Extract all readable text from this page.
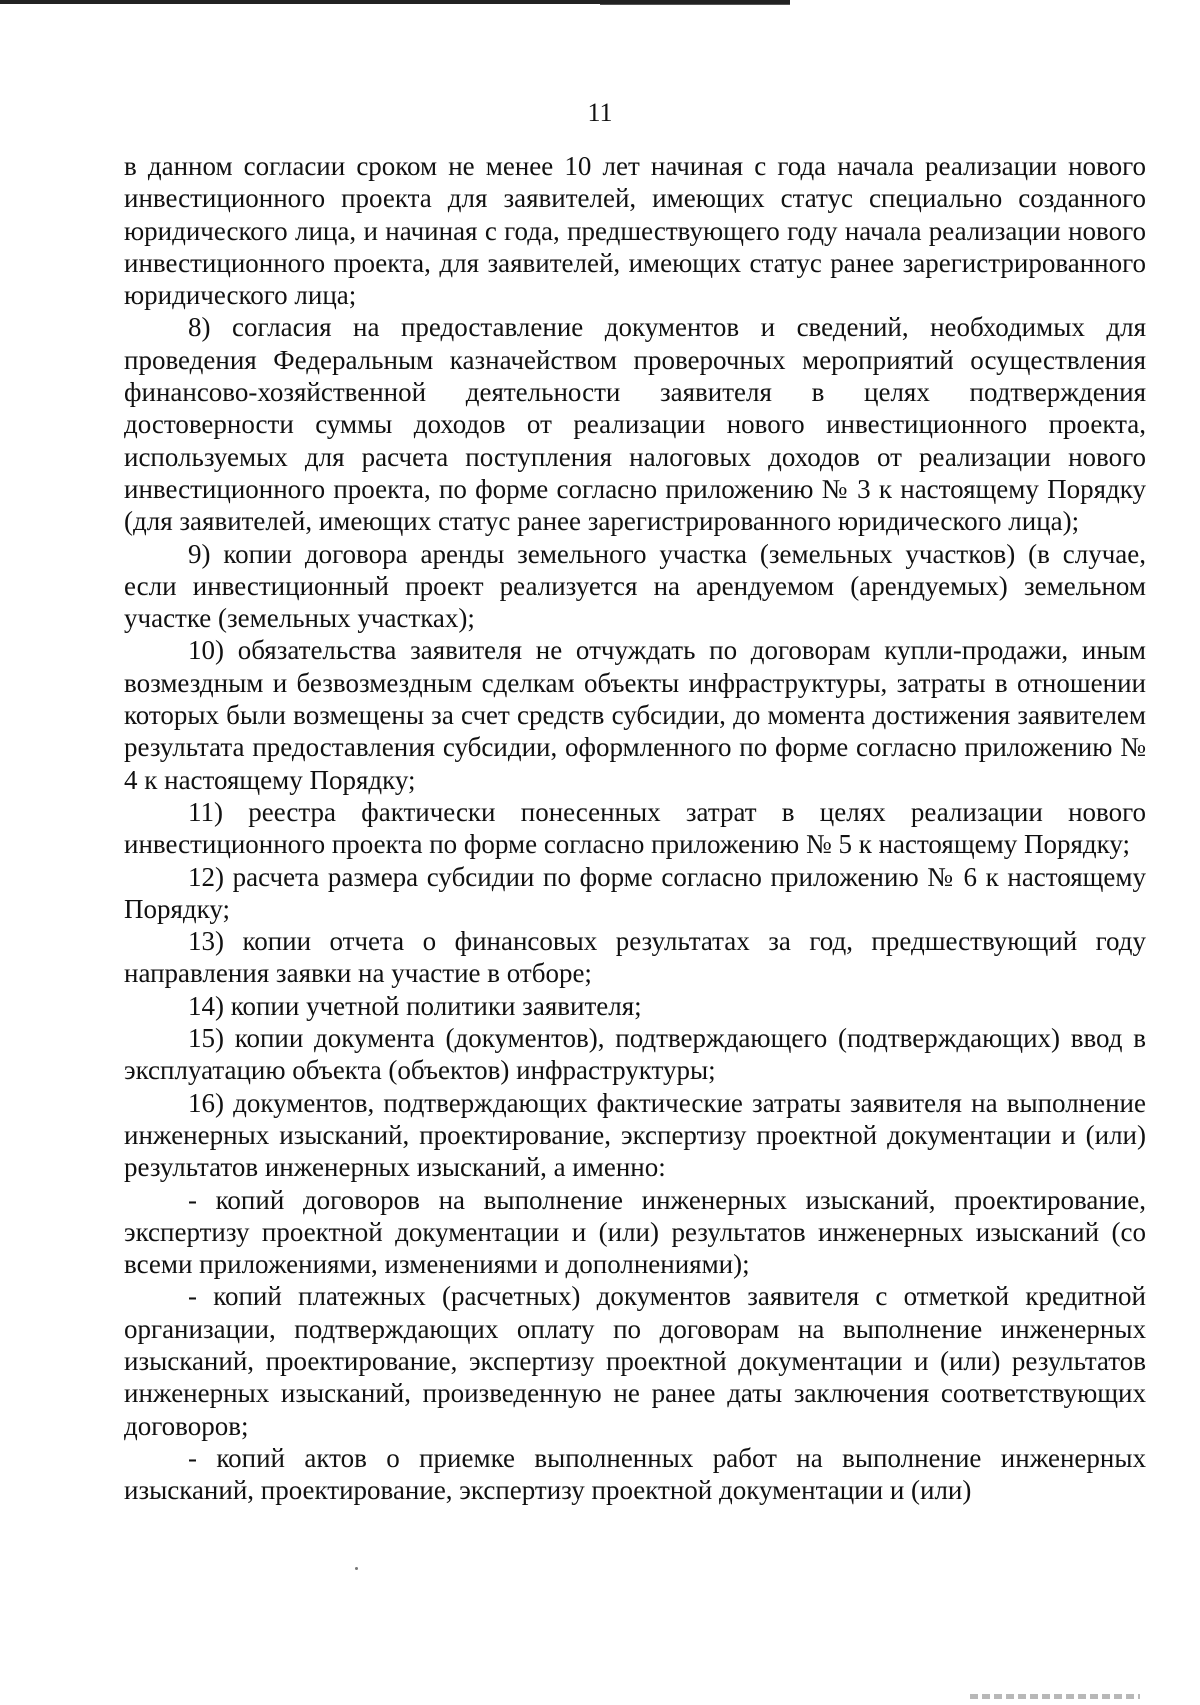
11

в данном согласии сроком не менее 10 лет начиная с года начала реализации нового инвестиционного проекта для заявителей, имеющих статус специально созданного юридического лица, и начиная с года, предшествующего году начала реализации нового инвестиционного проекта, для заявителей, имеющих статус ранее зарегистрированного юридического лица;

8) согласия на предоставление документов и сведений, необходимых для проведения Федеральным казначейством проверочных мероприятий осуществления финансово-хозяйственной деятельности заявителя в целях подтверждения достоверности суммы доходов от реализации нового инвестиционного проекта, используемых для расчета поступления налоговых доходов от реализации нового инвестиционного проекта, по форме согласно приложению № 3 к настоящему Порядку (для заявителей, имеющих статус ранее зарегистрированного юридического лица);

9) копии договора аренды земельного участка (земельных участков) (в случае, если инвестиционный проект реализуется на арендуемом (арендуемых) земельном участке (земельных участках);

10) обязательства заявителя не отчуждать по договорам купли-продажи, иным возмездным и безвозмездным сделкам объекты инфраструктуры, затраты в отношении которых были возмещены за счет средств субсидии, до момента достижения заявителем результата предоставления субсидии, оформленного по форме согласно приложению № 4 к настоящему Порядку;

11) реестра фактически понесенных затрат в целях реализации нового инвестиционного проекта по форме согласно приложению № 5 к настоящему Порядку;

12) расчета размера субсидии по форме согласно приложению № 6 к настоящему Порядку;

13) копии отчета о финансовых результатах за год, предшествующий году направления заявки на участие в отборе;

14) копии учетной политики заявителя;

15) копии документа (документов), подтверждающего (подтверждающих) ввод в эксплуатацию объекта (объектов) инфраструктуры;

16) документов, подтверждающих фактические затраты заявителя на выполнение инженерных изысканий, проектирование, экспертизу проектной документации и (или) результатов инженерных изысканий, а именно:

- копий договоров на выполнение инженерных изысканий, проектирование, экспертизу проектной документации и (или) результатов инженерных изысканий (со всеми приложениями, изменениями и дополнениями);

- копий платежных (расчетных) документов заявителя с отметкой кредитной организации, подтверждающих оплату по договорам на выполнение инженерных изысканий, проектирование, экспертизу проектной документации и (или) результатов инженерных изысканий, произведенную не ранее даты заключения соответствующих договоров;

- копий актов о приемке выполненных работ на выполнение инженерных изысканий, проектирование, экспертизу проектной документации и (или)
